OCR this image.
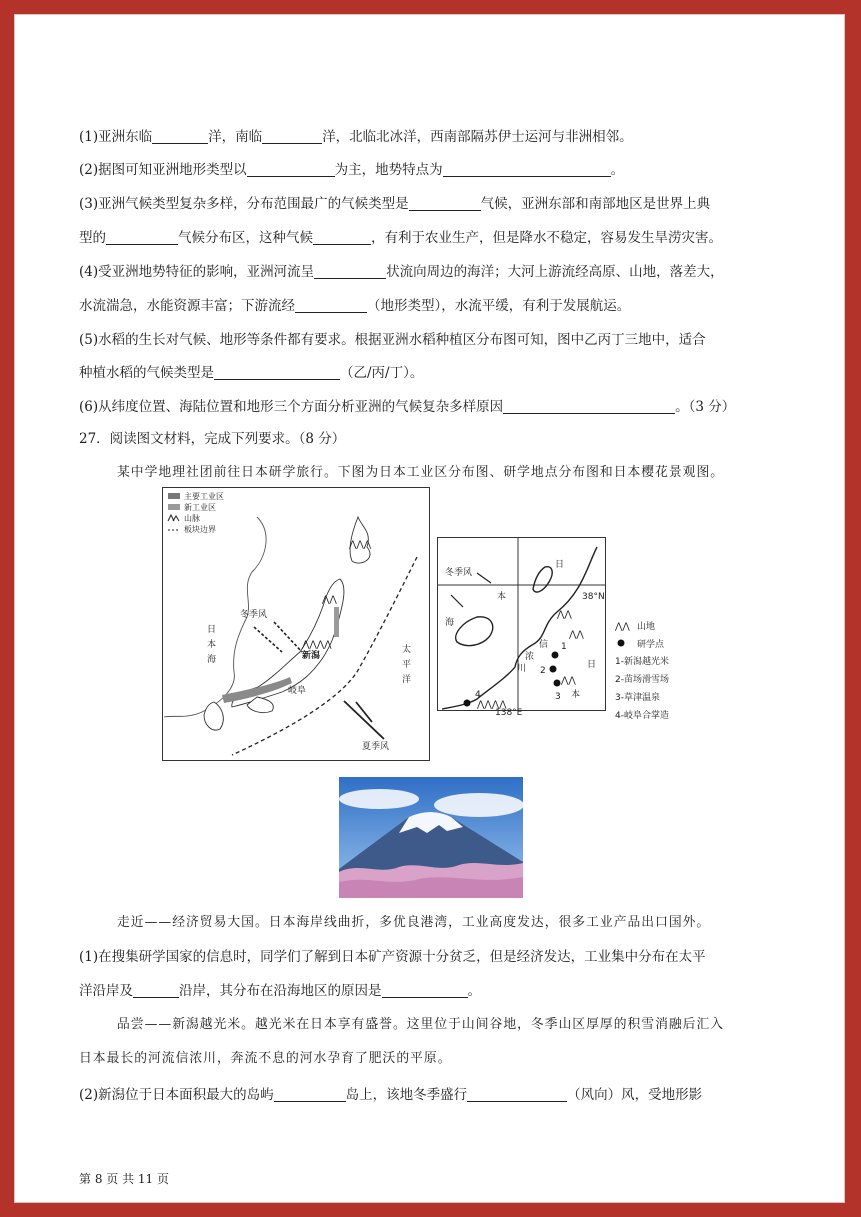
(1)亚洲东临	洋，南临	洋，北临北冰洋，西南部隔苏伊士运河与非洲相邻。
(2)据图可知亚洲地形类型以	为主，地势特点为	。
(3)亚洲气候类型复杂多样，分布范围最广的气候类型是	气候，亚洲东部和南部地区是世界上典
型的	气候分布区，这种气候	，有利于农业生产，但是降水不稳定，容易发生旱涝灾害。
(4)受亚洲地势特征的影响，亚洲河流呈	状流向周边的海洋；大河上游流经高原、山地，落差大，
水流湍急，水能资源丰富；下游流经	（地形类型），水流平缓，有利于发展航运。
(5)水稻的生长对气候、地形等条件都有要求。根据亚洲水稻种植区分布图可知，图中乙丙丁三地中，适合
种植水稻的气候类型是	（乙/丙/丁）。
(6)从纬度位置、海陆位置和地形三个方面分析亚洲的气候复杂多样原因	。（3 分）
27．阅读图文材料，完成下列要求。（8 分）
某中学地理社团前往日本研学旅行。下图为日本工业区分布图、研学地点分布图和日本樱花景观图。
主要工业区
新工业区
山脉
板块边界
⋀⋀⋀
⋀⋀
⋀⋀⋀⋀
冬季风
夏季风
新潟
岐阜
日
本
海
太
平
洋
冬季风
日
本
海
38°N
138°E
信
浓
川	日
本
⋀⋀
⋀⋀
⋀⋀
⋀⋀⋀⋀
1
2
3
4
⋀⋀ 山地
研学点
1-新潟越光米
2-苗场滑雪场
3-草津温泉
4-岐阜合掌造
走近——经济贸易大国。日本海岸线曲折，多优良港湾，工业高度发达，很多工业产品出口国外。
(1)在搜集研学国家的信息时，同学们了解到日本矿产资源十分贫乏，但是经济发达，工业集中分布在太平
洋沿岸及	沿岸，其分布在沿海地区的原因是	。
品尝——新潟越光米。越光米在日本享有盛誉。这里位于山间谷地，冬季山区厚厚的积雪消融后汇入
日本最长的河流信浓川，奔流不息的河水孕育了肥沃的平原。
(2)新潟位于日本面积最大的岛屿	岛上，该地冬季盛行	（风向）风，受地形影
第 8 页 共 11 页
